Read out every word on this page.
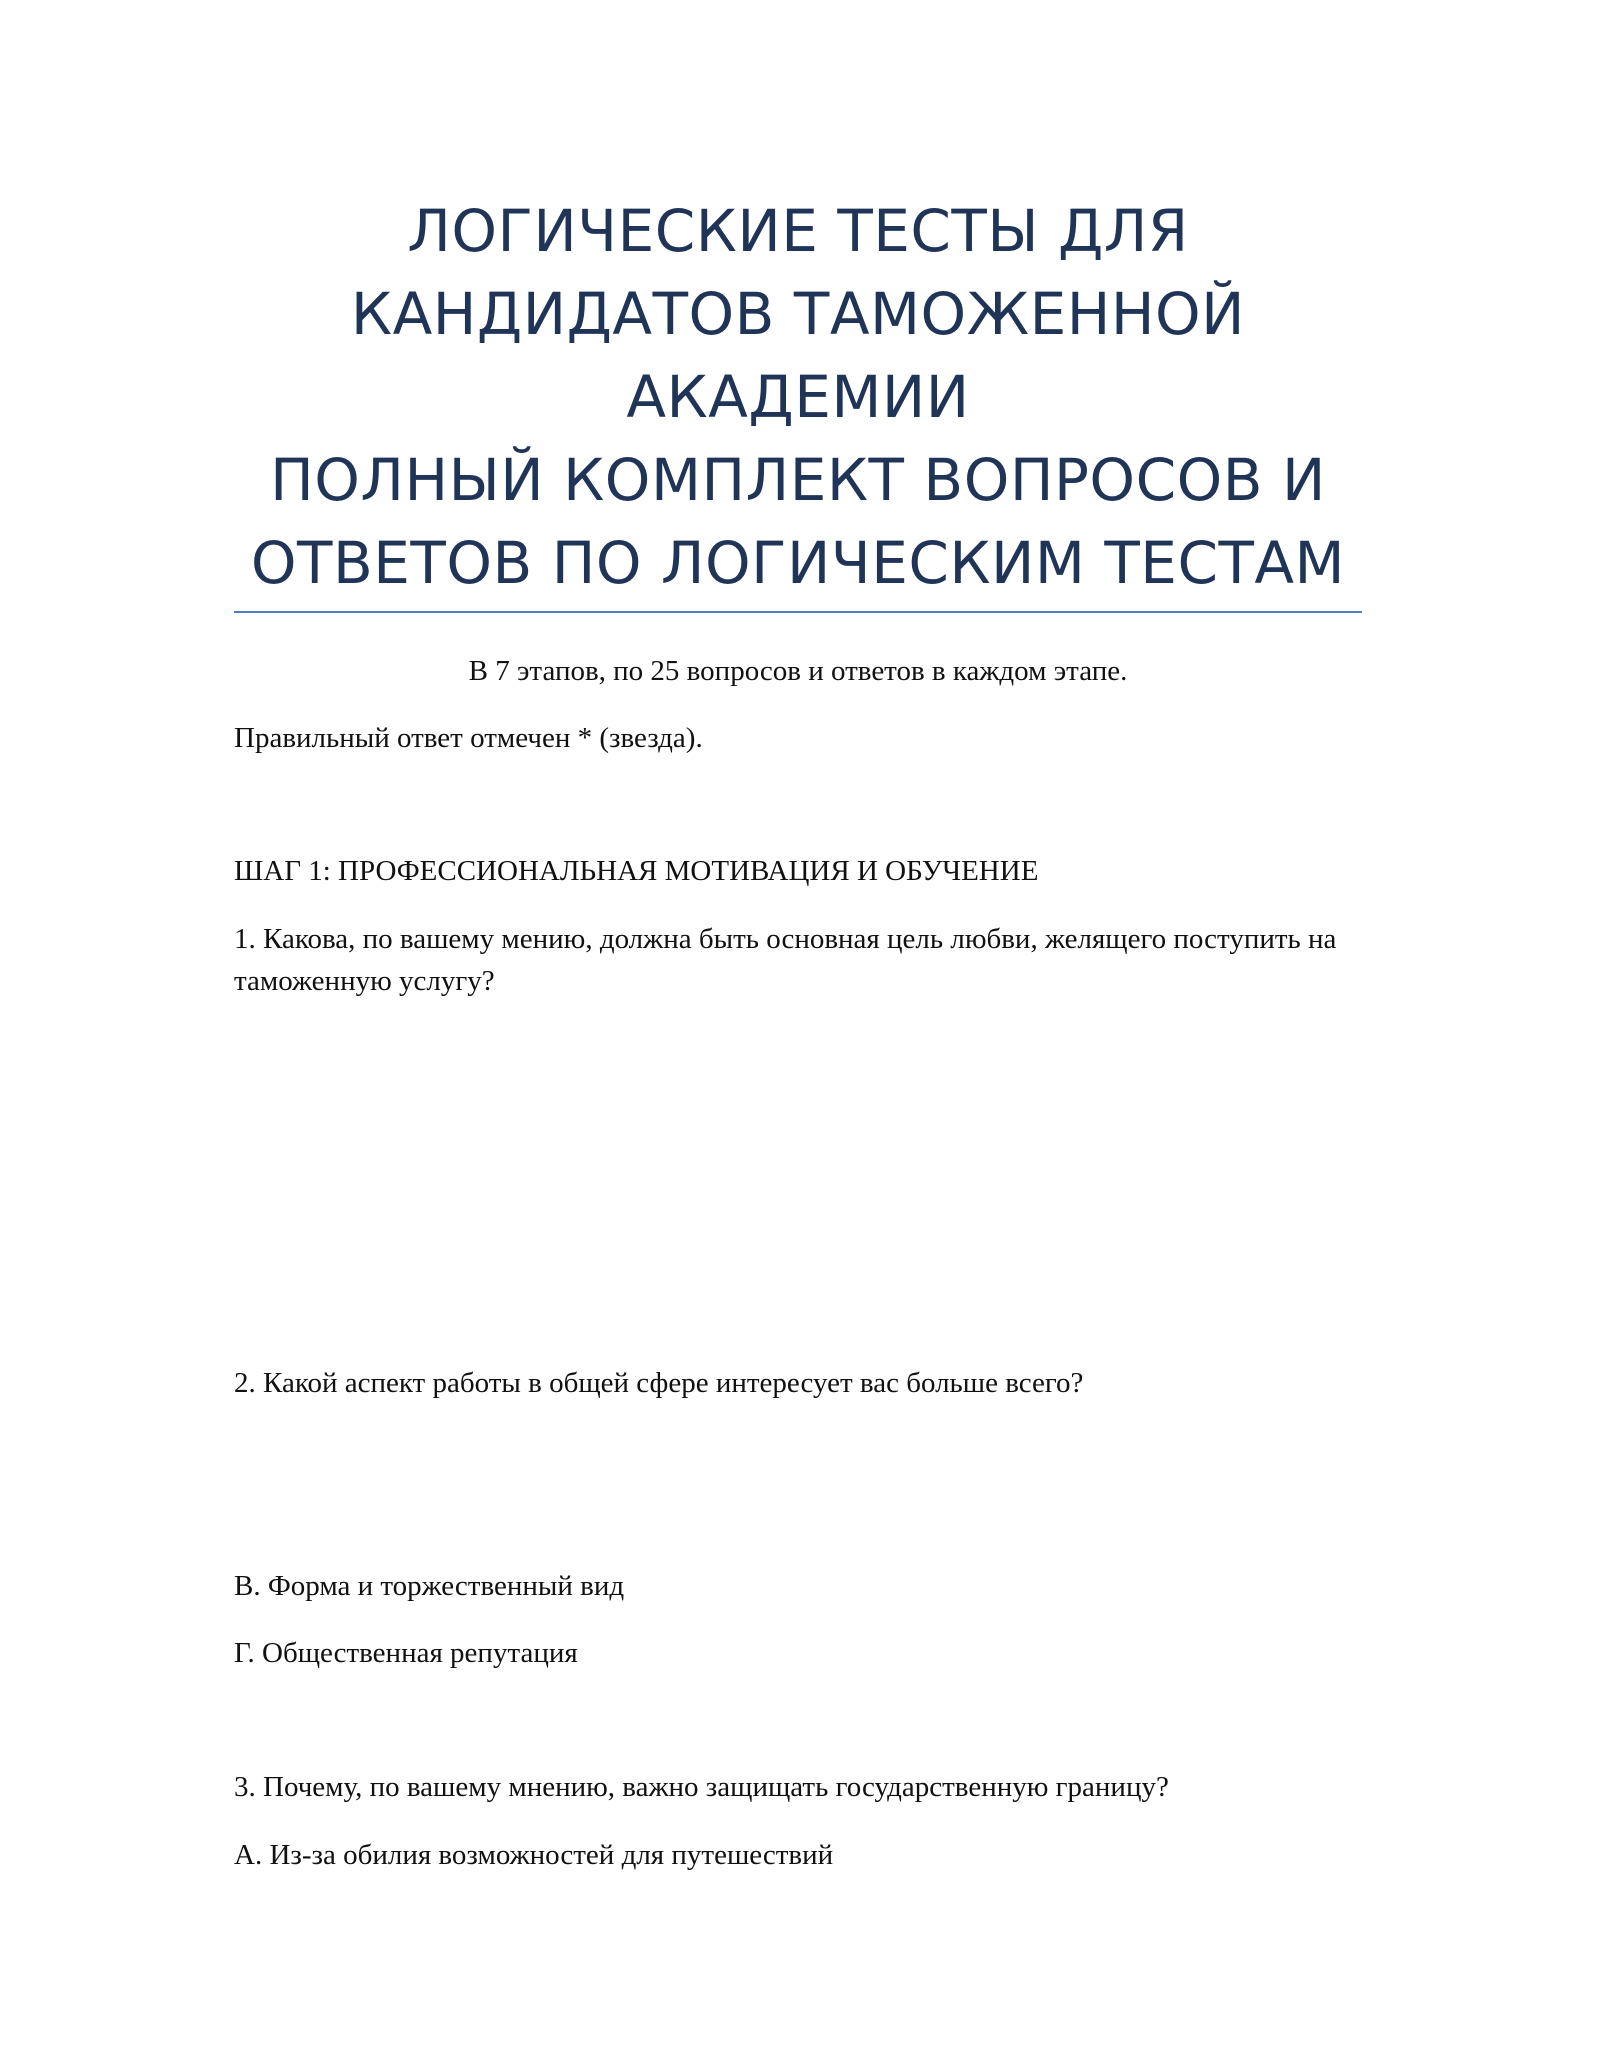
ЛОГИЧЕСКИЕ ТЕСТЫ ДЛЯ
КАНДИДАТОВ ТАМОЖЕННОЙ
АКАДЕМИИ
ПОЛНЫЙ КОМПЛЕКТ ВОПРОСОВ И
ОТВЕТОВ ПО ЛОГИЧЕСКИМ ТЕСТАМ

В 7 этапов, по 25 вопросов и ответов в каждом этапе.

Правильный ответ отмечен * (звезда).

ШАГ 1: ПРОФЕССИОНАЛЬНАЯ МОТИВАЦИЯ И ОБУЧЕНИЕ

1. Какова, по вашему мению, должна быть основная цель любви, желящего поступить на таможенную услугу?

2. Какой аспект работы в общей сфере интересует вас больше всего?

В. Форма и торжественный вид

Г. Общественная репутация

3. Почему, по вашему мнению, важно защищать государственную границу?

А. Из-за обилия возможностей для путешествий
